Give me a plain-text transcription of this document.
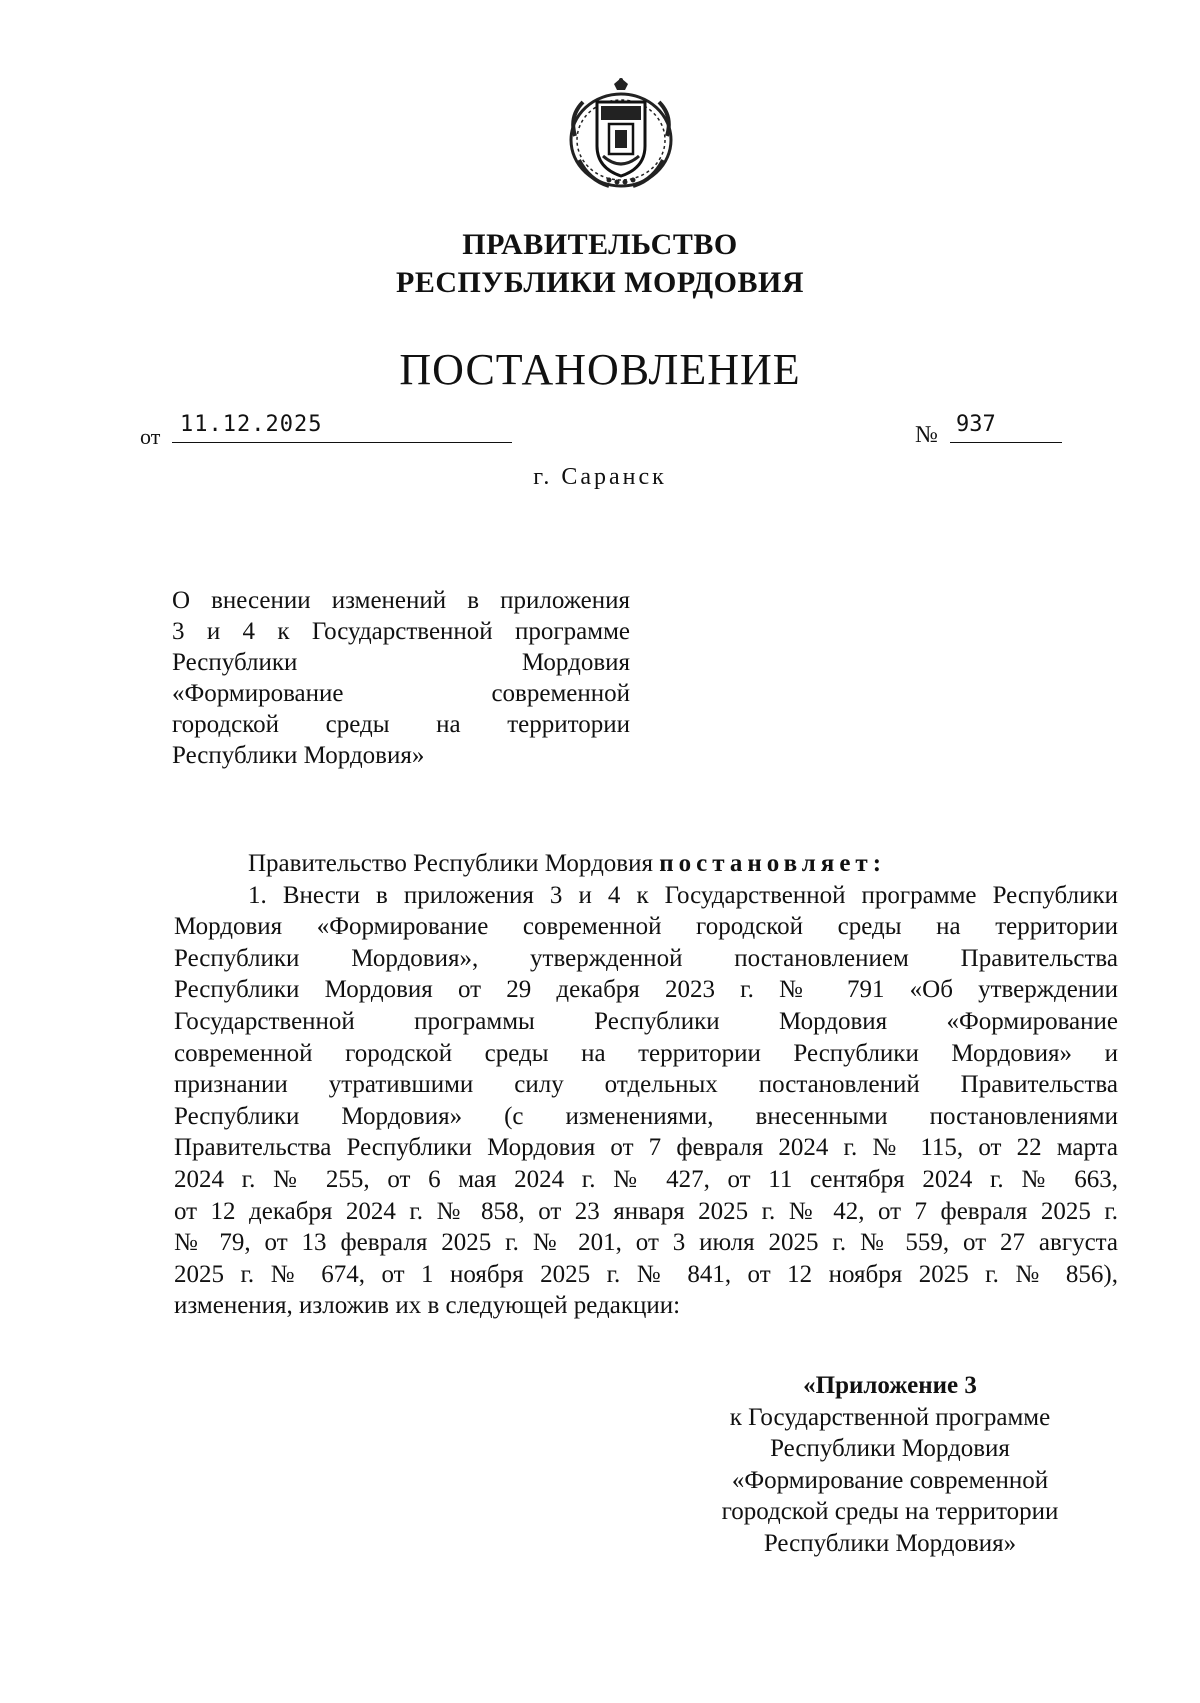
ПРАВИТЕЛЬСТВО
РЕСПУБЛИКИ МОРДОВИЯ
ПОСТАНОВЛЕНИЕ
от 11.12.2025	№ 937
г. Саранск
О внесении изменений в приложения
3 и 4 к Государственной программе
Республики Мордовия
«Формирование современной
городской среды на территории
Республики Мордовия»
Правительство Республики Мордовия постановляет:
1. Внести в приложения 3 и 4 к Государственной программе Республики
Мордовия «Формирование современной городской среды на территории
Республики Мордовия», утвержденной постановлением Правительства
Республики Мордовия от 29 декабря 2023 г. № 791 «Об утверждении
Государственной программы Республики Мордовия «Формирование
современной городской среды на территории Республики Мордовия» и
признании утратившими силу отдельных постановлений Правительства
Республики Мордовия» (с изменениями, внесенными постановлениями
Правительства Республики Мордовия от 7 февраля 2024 г. № 115, от 22 марта
2024 г. № 255, от 6 мая 2024 г. № 427, от 11 сентября 2024 г. № 663,
от 12 декабря 2024 г. № 858, от 23 января 2025 г. № 42, от 7 февраля 2025 г.
№ 79, от 13 февраля 2025 г. № 201, от 3 июля 2025 г. № 559, от 27 августа
2025 г. № 674, от 1 ноября 2025 г. № 841, от 12 ноября 2025 г. № 856),
изменения, изложив их в следующей редакции:
«Приложение 3
к Государственной программе
Республики Мордовия
«Формирование современной
городской среды на территории
Республики Мордовия»
